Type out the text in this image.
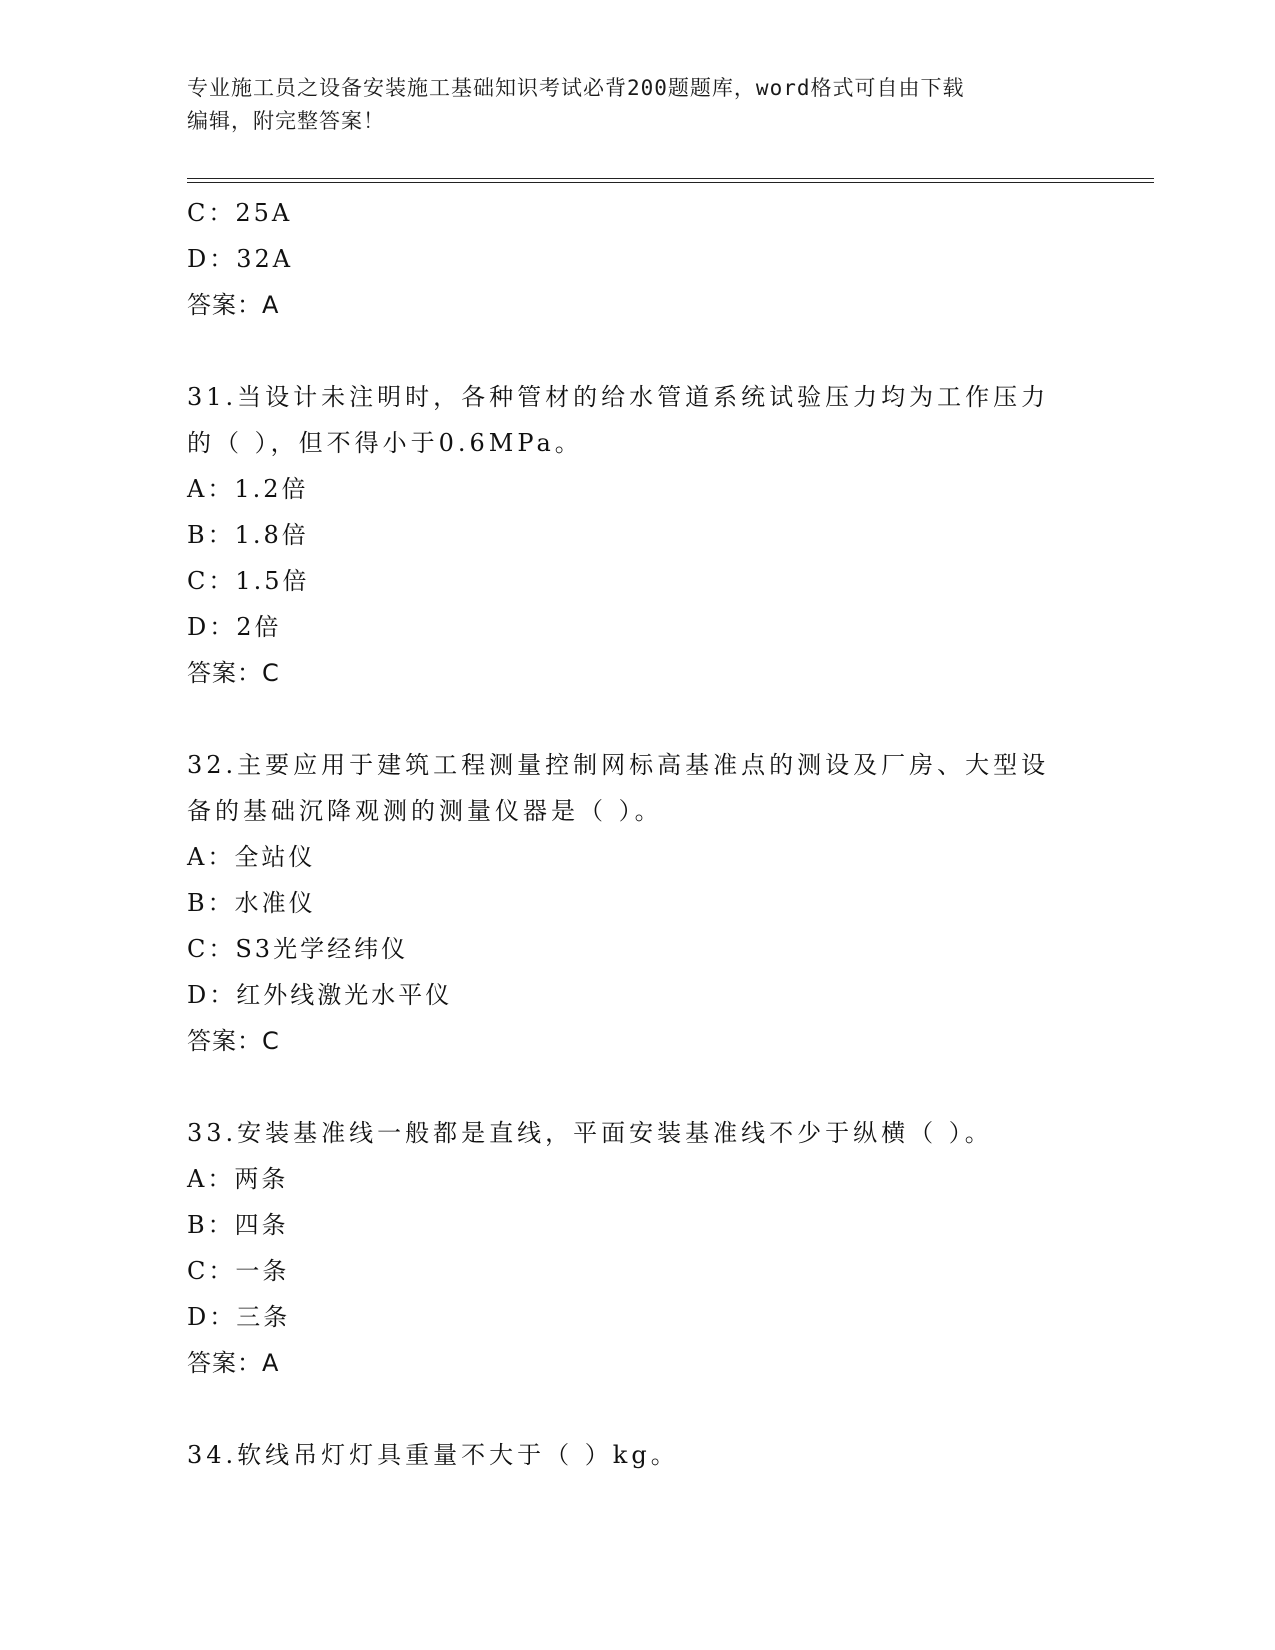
专业施工员之设备安装施工基础知识考试必背200题题库，word格式可自由下载
编辑，附完整答案！
C：25A
D：32A
答案：A
31.当设计未注明时，各种管材的给水管道系统试验压力均为工作压力
的（ ），但不得小于0.6MPa。
A：1.2倍
B：1.8倍
C：1.5倍
D：2倍
答案：C
32.主要应用于建筑工程测量控制网标高基准点的测设及厂房、大型设
备的基础沉降观测的测量仪器是（ ）。
A：全站仪
B：水准仪
C：S3光学经纬仪
D：红外线激光水平仪
答案：C
33.安装基准线一般都是直线，平面安装基准线不少于纵横（ ）。
A：两条
B：四条
C：一条
D：三条
答案：A
34.软线吊灯灯具重量不大于（ ）kg。
